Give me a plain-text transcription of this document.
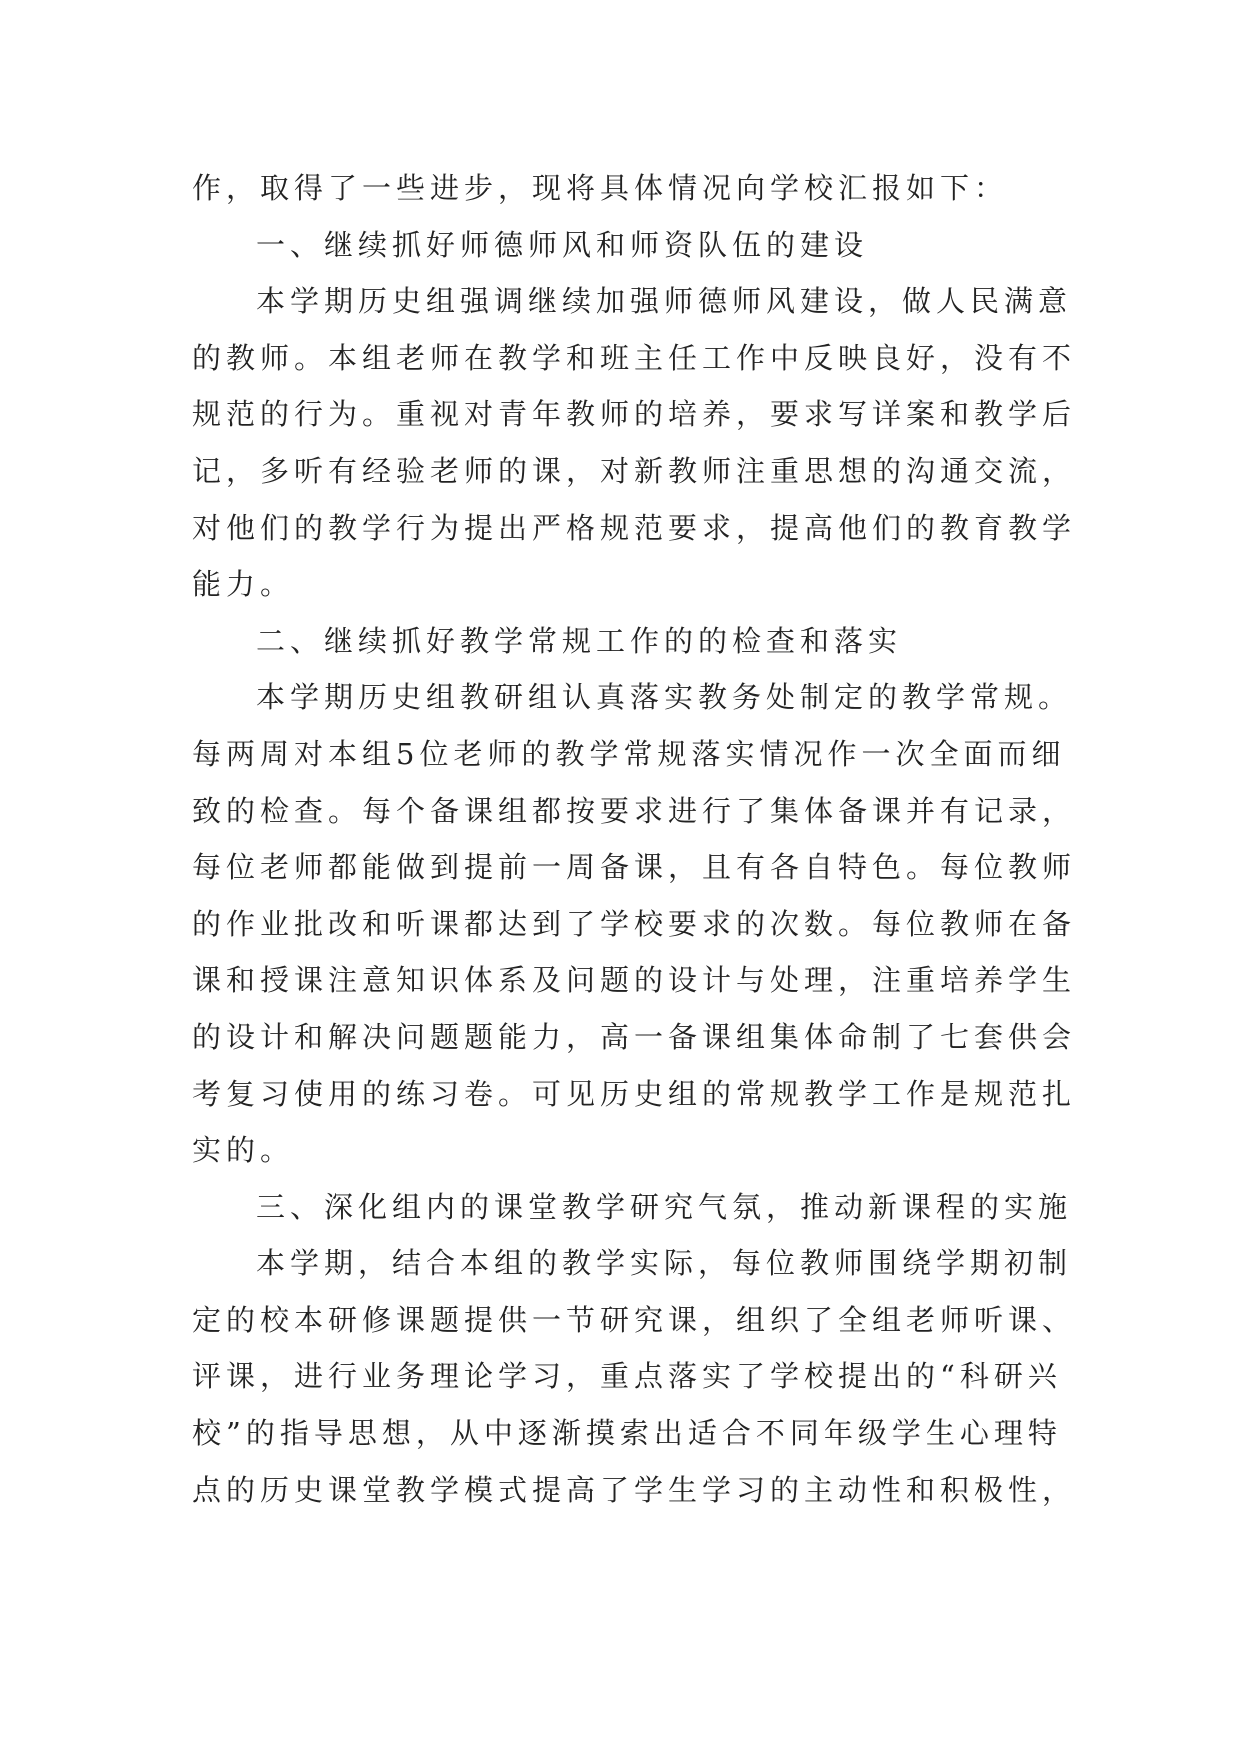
作，取得了一些进步，现将具体情况向学校汇报如下：
一、继续抓好师德师风和师资队伍的建设
本学期历史组强调继续加强师德师风建设，做人民满意
的教师。本组老师在教学和班主任工作中反映良好，没有不
规范的行为。重视对青年教师的培养，要求写详案和教学后
记，多听有经验老师的课，对新教师注重思想的沟通交流，
对他们的教学行为提出严格规范要求，提高他们的教育教学
能力。
二、继续抓好教学常规工作的的检查和落实
本学期历史组教研组认真落实教务处制定的教学常规。
每两周对本组5位老师的教学常规落实情况作一次全面而细
致的检查。每个备课组都按要求进行了集体备课并有记录，
每位老师都能做到提前一周备课，且有各自特色。每位教师
的作业批改和听课都达到了学校要求的次数。每位教师在备
课和授课注意知识体系及问题的设计与处理，注重培养学生
的设计和解决问题题能力，高一备课组集体命制了七套供会
考复习使用的练习卷。可见历史组的常规教学工作是规范扎
实的。
三、深化组内的课堂教学研究气氛，推动新课程的实施
本学期，结合本组的教学实际，每位教师围绕学期初制
定的校本研修课题提供一节研究课，组织了全组老师听课、
评课，进行业务理论学习，重点落实了学校提出的“科研兴
校”的指导思想，从中逐渐摸索出适合不同年级学生心理特
点的历史课堂教学模式提高了学生学习的主动性和积极性，
